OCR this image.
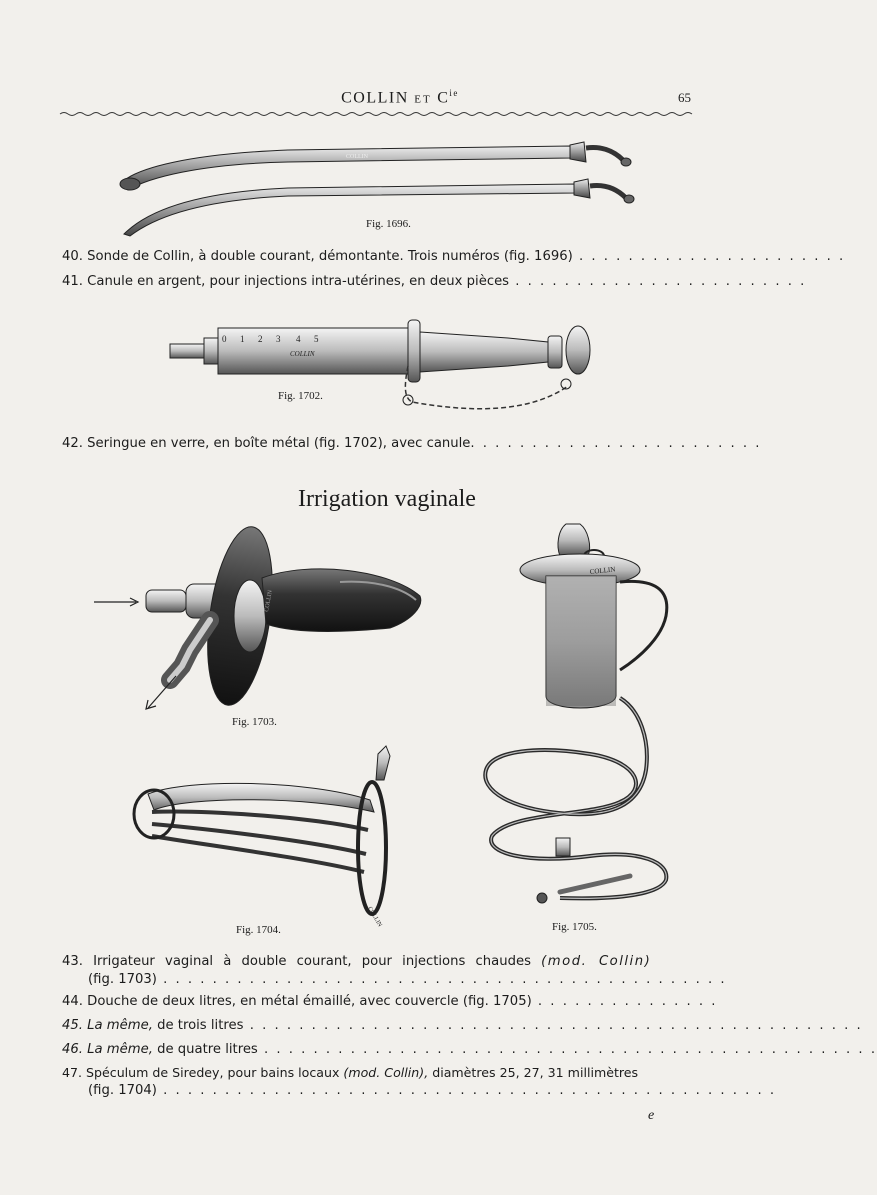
COLLIN ET $C^{ie}$	65
COLLIN
Fig. 1696.
40. Sonde de Collin, à double courant, démontante. Trois numéros (fig. 1696) . . . . . . . . . . . . . . . . . . . . . .
41. Canule en argent, pour injections intra-utérines, en deux pièces . . . . . . . . . . . . . . . . . . . . . . . .
0 1 2 3 4 5
COLLIN
Fig. 1702.
42. Seringue en verre, en boîte métal (fig. 1702), avec canule. . . . . . . . . . . . . . . . . . . . . . . .
Irrigation vaginale
COLLIN
Fig. 1703.
COLLIN
COLLIN
Fig. 1704.	Fig. 1705.
43. Irrigateur vaginal à double courant, pour injections chaudes (mod. Collin)
(fig. 1703) . . . . . . . . . . . . . . . . . . . . . . . . . . . . . . . . . . . . . . . . . . . . . .
44. Douche de deux litres, en métal émaillé, avec couvercle (fig. 1705) . . . . . . . . . . . . . . .
45. La même, de trois litres . . . . . . . . . . . . . . . . . . . . . . . . . . . . . . . . . . . . . . . . . . . . . . . . . .
46. La même, de quatre litres . . . . . . . . . . . . . . . . . . . . . . . . . . . . . . . . . . . . . . . . . . . . . . . . . .
47. Spéculum de Siredey, pour bains locaux (mod. Collin), diamètres 25, 27, 31 millimètres
(fig. 1704) . . . . . . . . . . . . . . . . . . . . . . . . . . . . . . . . . . . . . . . . . . . . . . . . . .
e
